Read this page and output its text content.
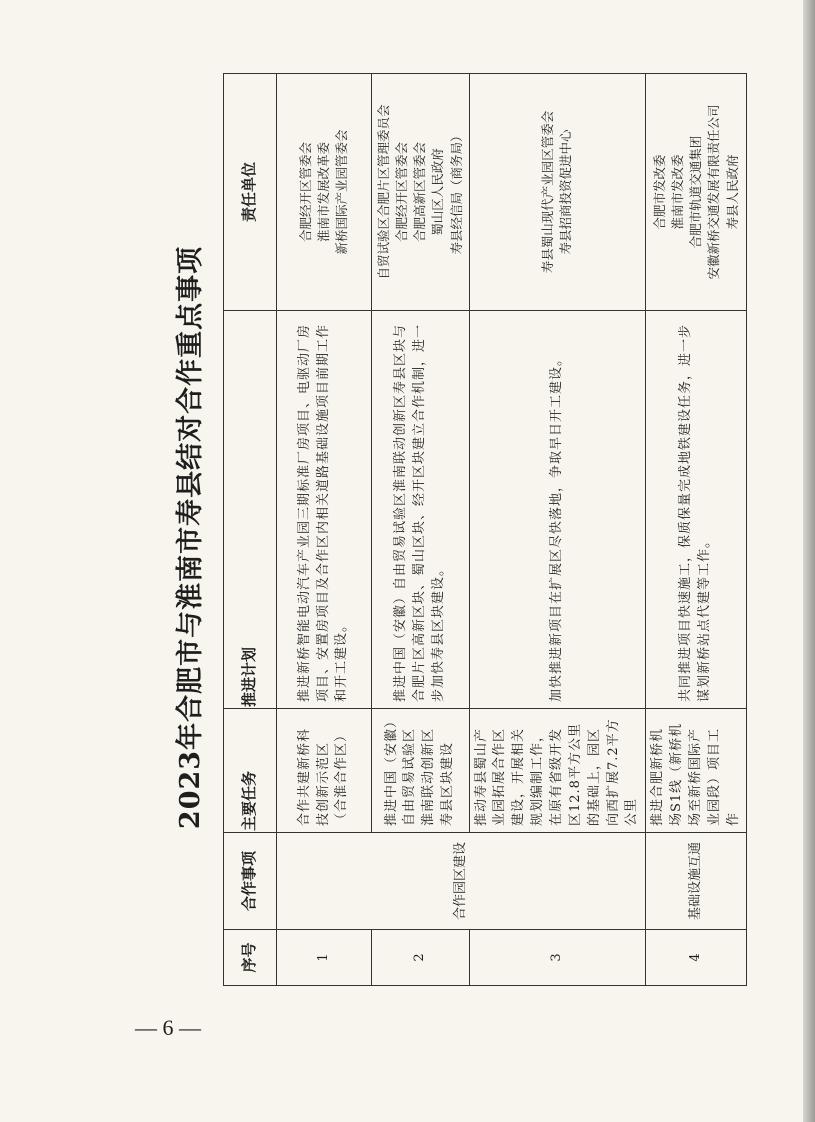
— 6 —
2023年合肥市与淮南市寿县结对合作重点事项
序号	合作事项	主要任务	推进计划	责任单位
1	合作园区建设	合作共建新桥科技创新示范区（合淮合作区）	推进新桥智能电动汽车产业园三期标准厂房项目、电驱动厂房项目、安置房项目及合作区内相关道路基础设施项目前期工作和开工建设。	合肥经开区管委会 淮南市发展改革委 新桥国际产业园管委会

2		推进中国（安徽）自由贸易试验区淮南联动创新区寿县区块建设	推进中国（安徽）自由贸易试验区淮南联动创新区寿县区块与合肥片区高新区块、蜀山区块、经开区块建立合作机制，进一步加快寿县区块建设。	自贸试验区合肥片区管理委员会 合肥经开区管委会 合肥高新区管委会 蜀山区人民政府 寿县经信局（商务局）

3		推动寿县蜀山产业园拓展合作区建设，开展相关规划编制工作，在原有省级开发区12.8平方公里的基础上，园区向西扩展7.2平方公里	加快推进新项目在扩展区尽快落地，争取早日开工建设。	寿县蜀山现代产业园区管委会 寿县招商投资促进中心

4	基础设施互通	推进合肥新桥机场S1线（新桥机场至新桥国际产业园段）项目工作	共同推进项目快速施工，保质保量完成地铁建设任务，进一步谋划新桥站点代建等工作。	合肥市发改委 淮南市发改委 合肥市轨道交通集团 安徽新桥交通发展有限责任公司 寿县人民政府
